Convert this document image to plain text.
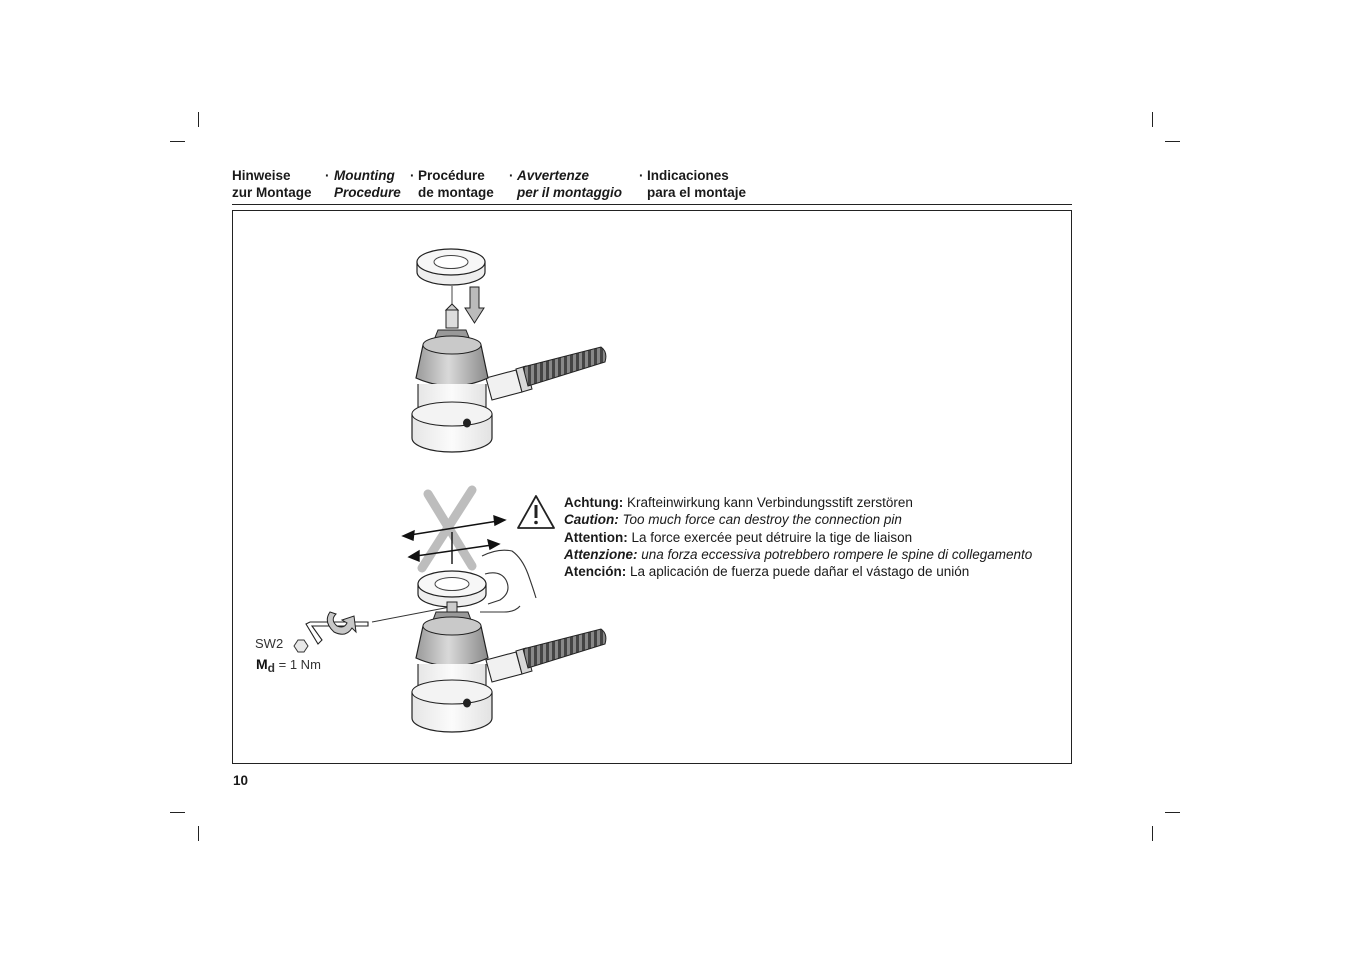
Hinweise
zur Montage
· Mounting
Procedure
· Procédure
de montage
· Avvertenze
per il montaggio
· Indicaciones
para el montaje
Achtung: Krafteinwirkung kann Verbindungsstift zerstören
Caution: Too much force can destroy the connection pin
Attention: La force exercée peut détruire la tige de liaison
Attenzione: una forza eccessiva potrebbero rompere le spine di collegamento
Atención: La aplicación de fuerza puede dañar el vástago de unión
SW2
$M_d = 1$ Nm
10
